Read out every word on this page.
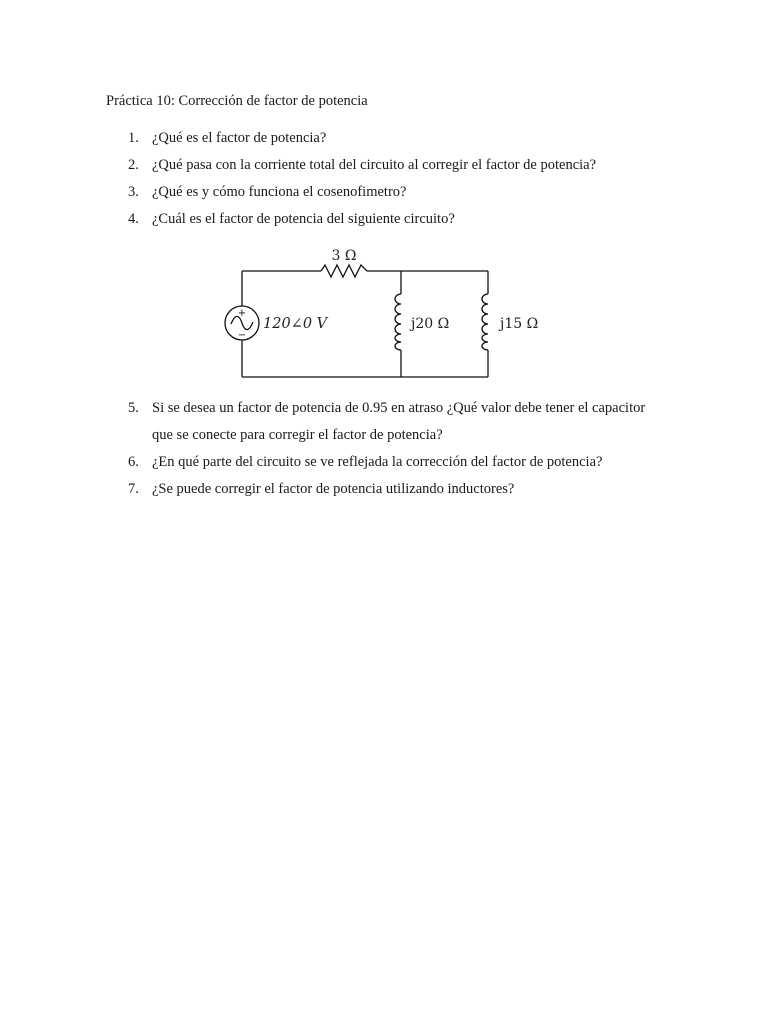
Práctica 10: Corrección de factor de potencia
1. ¿Qué es el factor de potencia?
2. ¿Qué pasa con la corriente total del circuito al corregir el factor de potencia?
3. ¿Qué es y cómo funciona el cosenofimetro?
4. ¿Cuál es el factor de potencia del siguiente circuito?
+
−
3 Ω
120∠0 V	j20 Ω	j15 Ω
5. Si se desea un factor de potencia de 0.95 en atraso ¿Qué valor debe tener el capacitor
que se conecte para corregir el factor de potencia?
6. ¿En qué parte del circuito se ve reflejada la corrección del factor de potencia?
7. ¿Se puede corregir el factor de potencia utilizando inductores?
